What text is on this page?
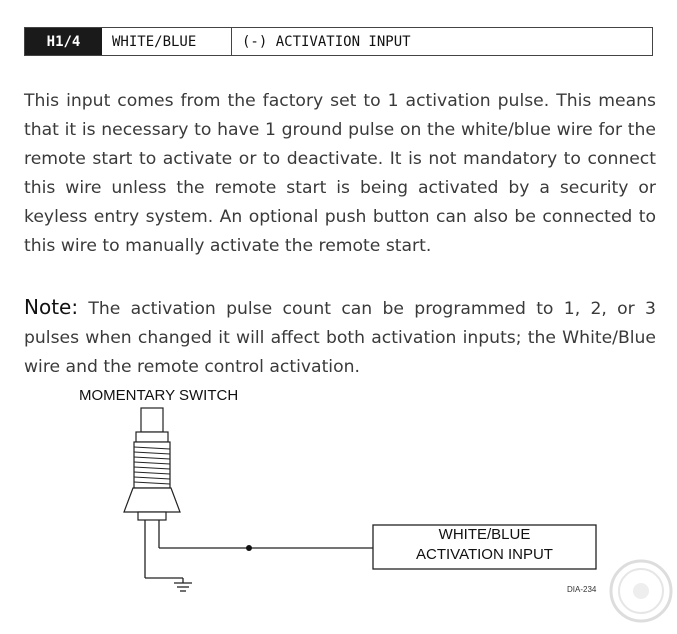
H1/4	WHITE/BLUE	(-) ACTIVATION INPUT

This input comes from the factory set to 1 activation pulse. This means that it is necessary to have 1 ground pulse on the white/blue wire for the remote start to activate or to deactivate. It is not mandatory to connect this wire unless the remote start is being activated by a security or keyless entry system. An optional push button can also be connected to this wire to manually activate the remote start.

Note: The activation pulse count can be programmed to 1, 2, or 3 pulses when changed it will affect both activation inputs; the White/Blue wire and the remote control activation.

MOMENTARY SWITCH
WHITE/BLUE
ACTIVATION INPUT
DIA-234
